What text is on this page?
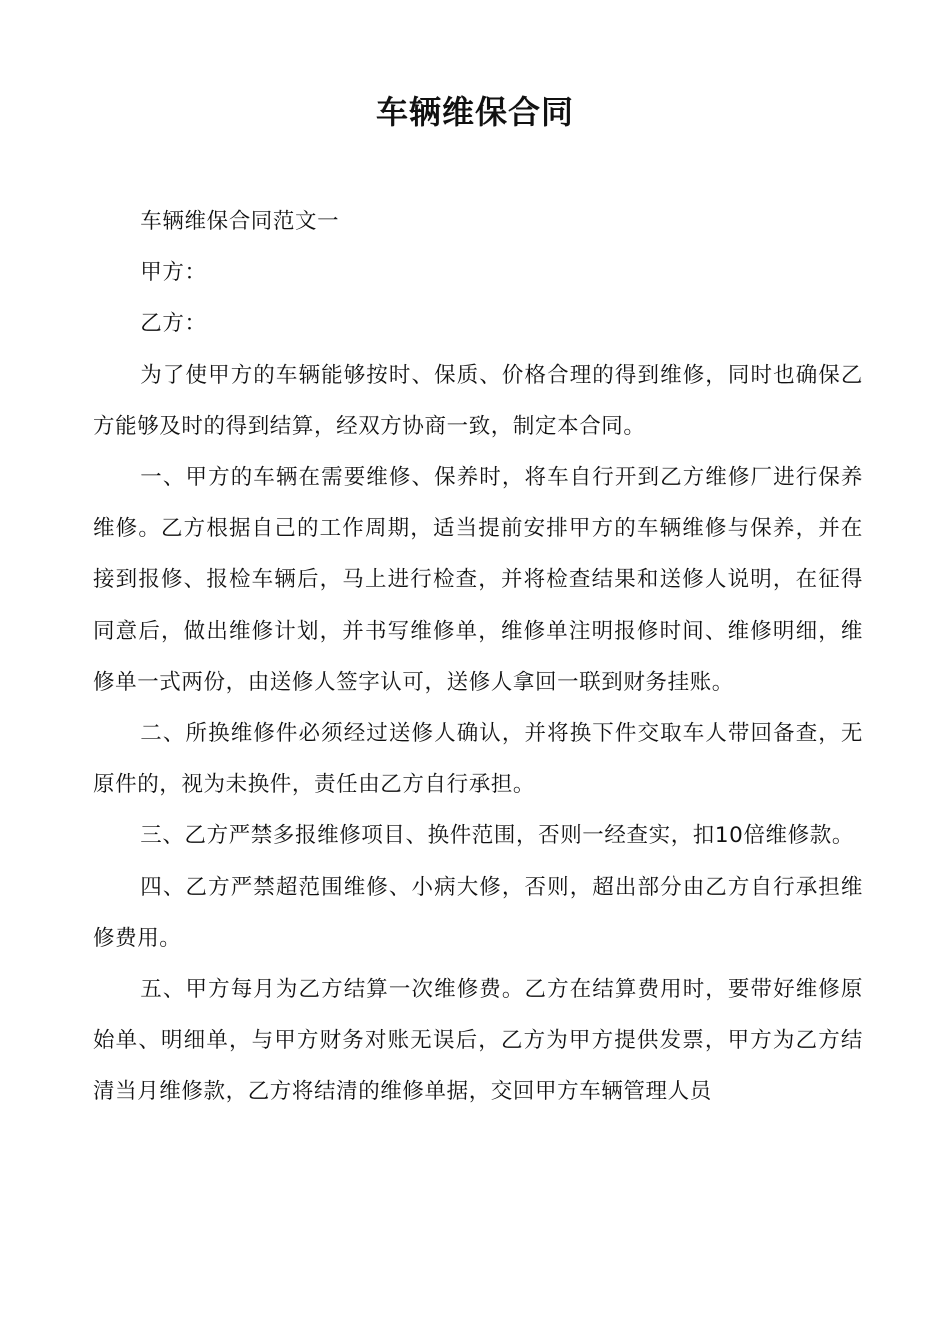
车辆维保合同

车辆维保合同范文一

甲方：

乙方：

为了使甲方的车辆能够按时、保质、价格合理的得到维修，同时也确保乙方能够及时的得到结算，经双方协商一致，制定本合同。

一、甲方的车辆在需要维修、保养时，将车自行开到乙方维修厂进行保养维修。乙方根据自己的工作周期，适当提前安排甲方的车辆维修与保养，并在接到报修、报检车辆后，马上进行检查，并将检查结果和送修人说明，在征得同意后，做出维修计划，并书写维修单，维修单注明报修时间、维修明细，维修单一式两份，由送修人签字认可，送修人拿回一联到财务挂账。

二、所换维修件必须经过送修人确认，并将换下件交取车人带回备查，无原件的，视为未换件，责任由乙方自行承担。

三、乙方严禁多报维修项目、换件范围，否则一经查实，扣10倍维修款。

四、乙方严禁超范围维修、小病大修，否则，超出部分由乙方自行承担维修费用。

五、甲方每月为乙方结算一次维修费。乙方在结算费用时，要带好维修原始单、明细单，与甲方财务对账无误后，乙方为甲方提供发票，甲方为乙方结清当月维修款，乙方将结清的维修单据，交回甲方车辆管理人员
